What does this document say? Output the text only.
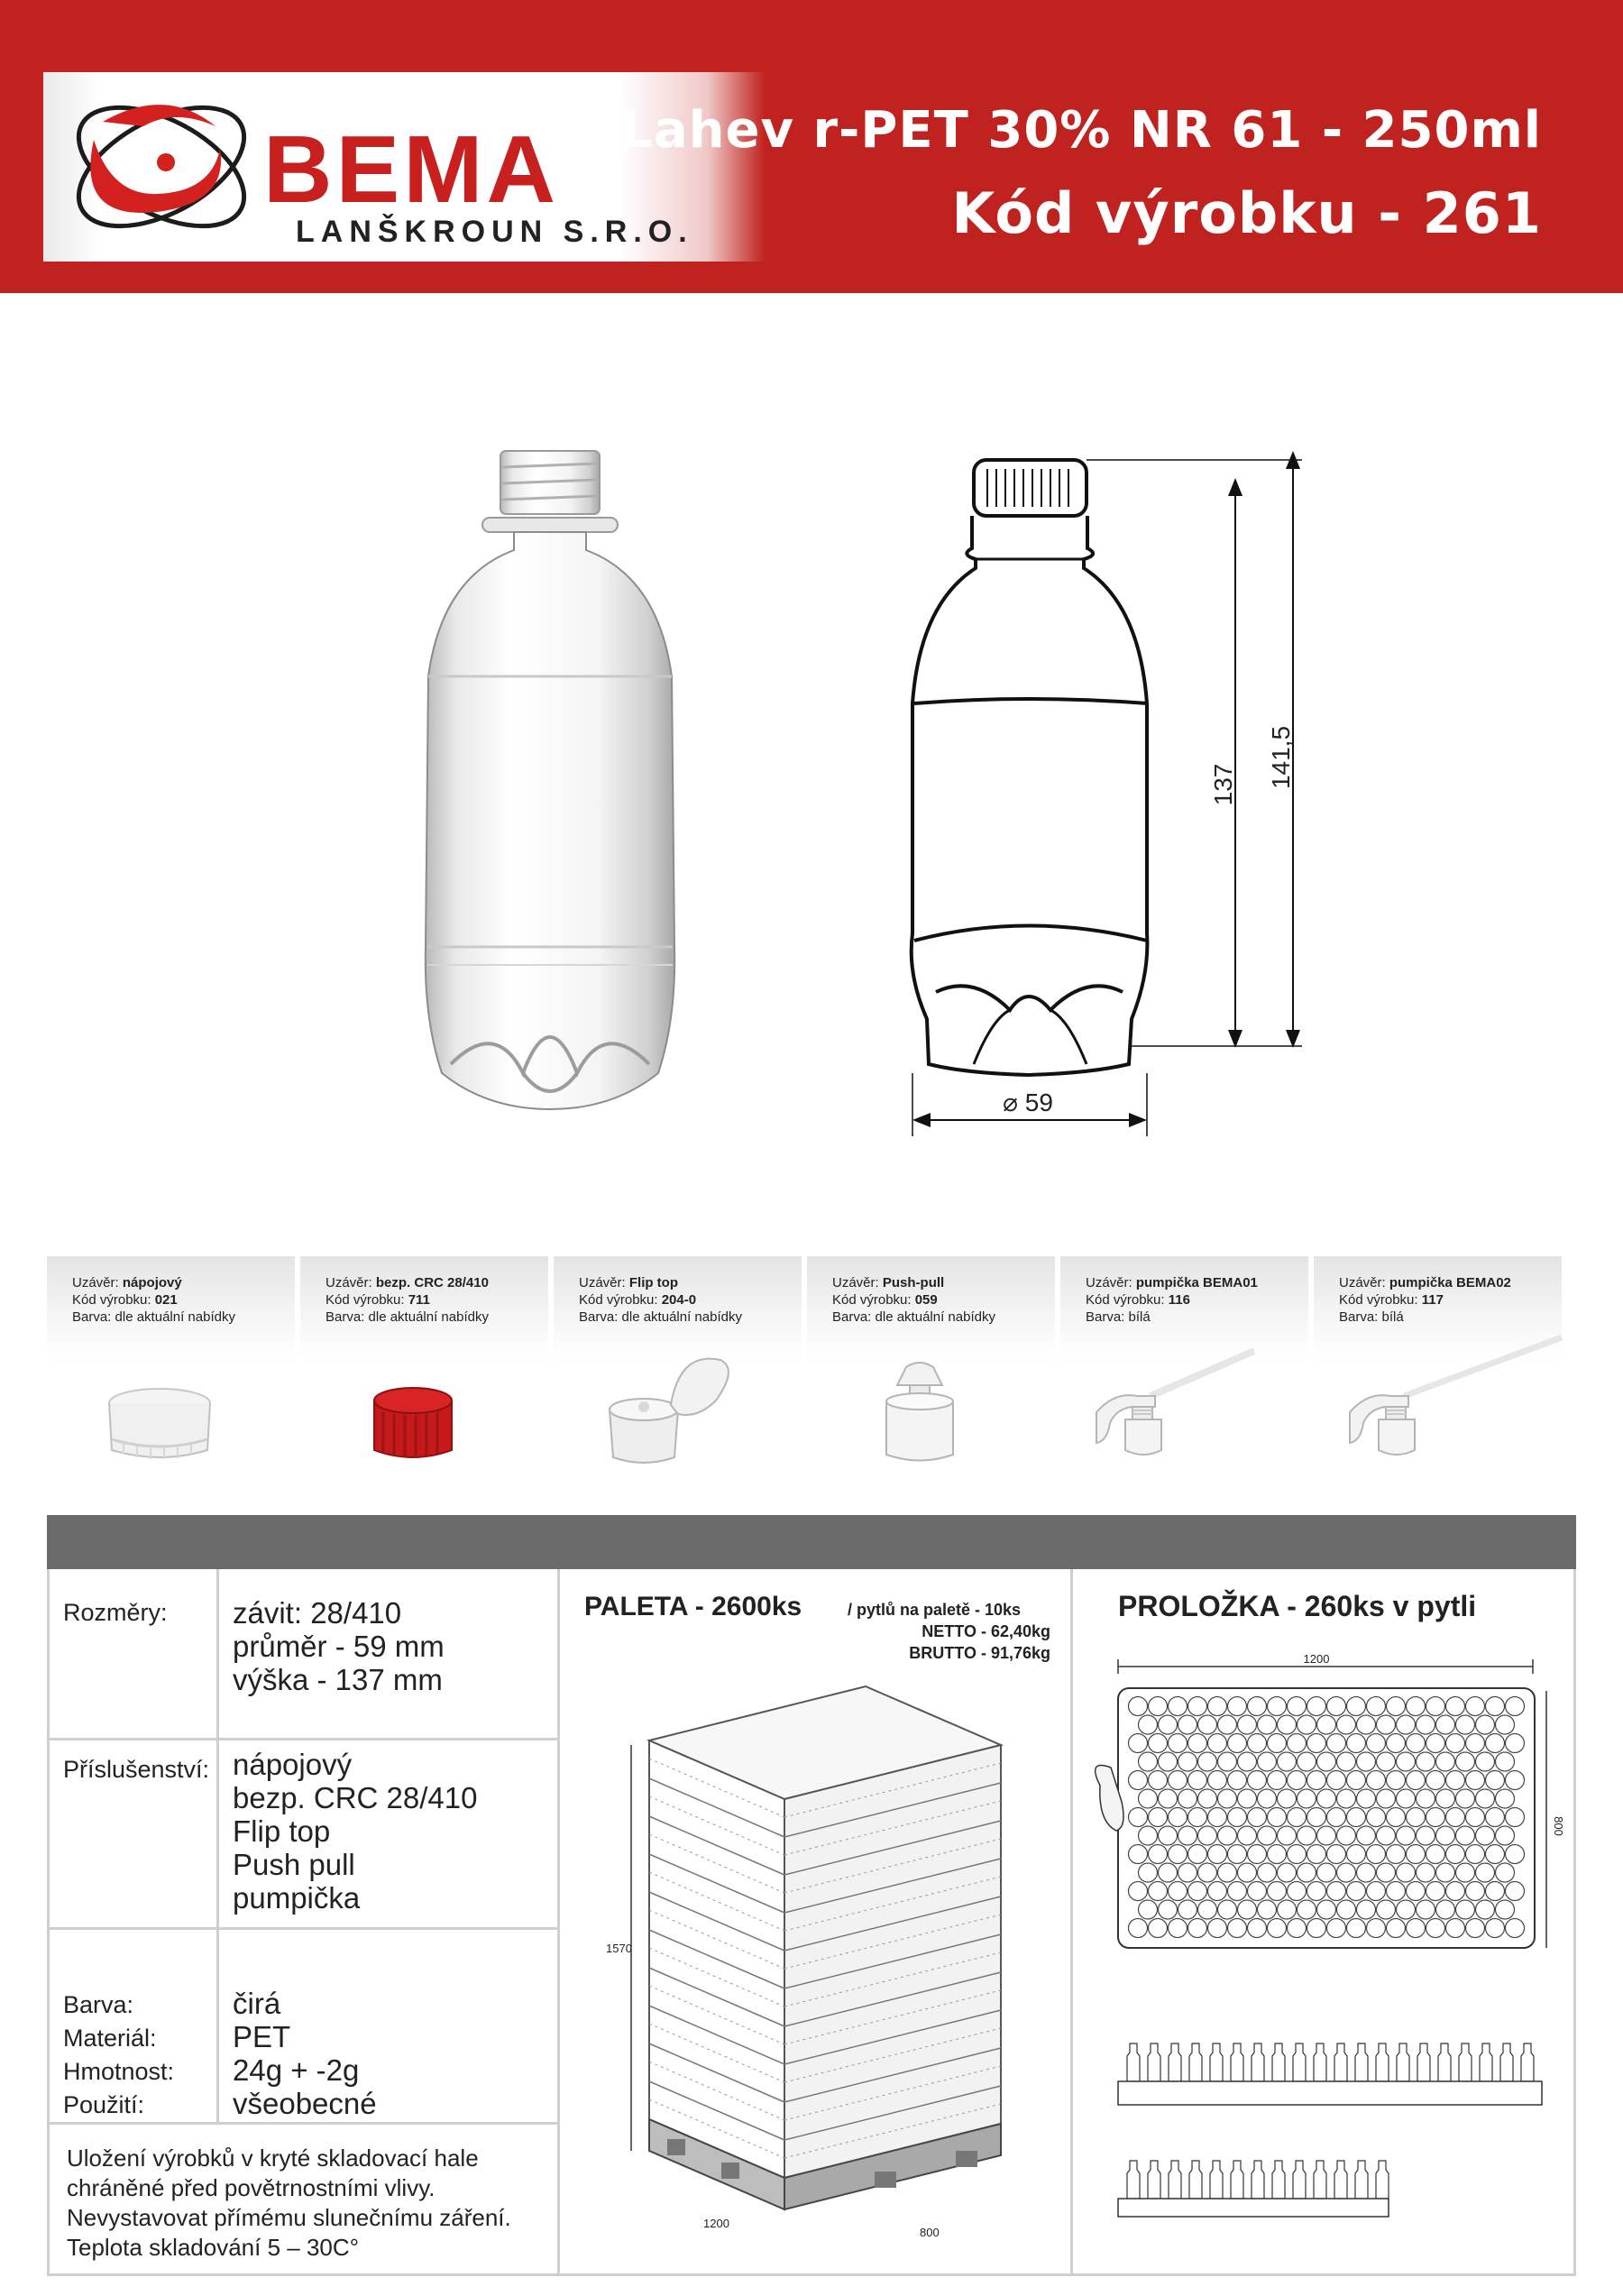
BEMA
LANŠKROUN S.R.O.
Lahev r-PET 30% NR 61 - 250ml
Kód výrobku - 261
137 141,5
⌀ 59
Uzávěr: nápojový
Kód výrobku: 021
Barva: dle aktuální nabídky
Uzávěr: bezp. CRC 28/410
Kód výrobku: 711
Barva: dle aktuální nabídky
Uzávěr: Flip top
Kód výrobku: 204-0
Barva: dle aktuální nabídky
Uzávěr: Push-pull
Kód výrobku: 059
Barva: dle aktuální nabídky
Uzávěr: pumpička BEMA01
Kód výrobku: 116
Barva: bílá
Uzávěr: pumpička BEMA02
Kód výrobku: 117
Barva: bílá
Rozměry: závit: 28/410
průměr - 59 mm
výška - 137 mm
Příslušenství: nápojový
bezp. CRC 28/410
Flip top
Push pull
pumpička
Barva:
Materiál:
Hmotnost:
Použití:
čirá
PET
24g + -2g
všeobecné
Uložení výrobků v kryté skladovací hale
chráněné před povětrnostními vlivy.
Nevystavovat přímému slunečnímu záření.
Teplota skladování 5 – 30C°
PALETA - 2600ks	/ pytlů na paletě - 10ks
NETTO - 62,40kg
BRUTTO - 91,76kg
1570
1200
800
PROLOŽKA - 260ks v pytli
1200
800
